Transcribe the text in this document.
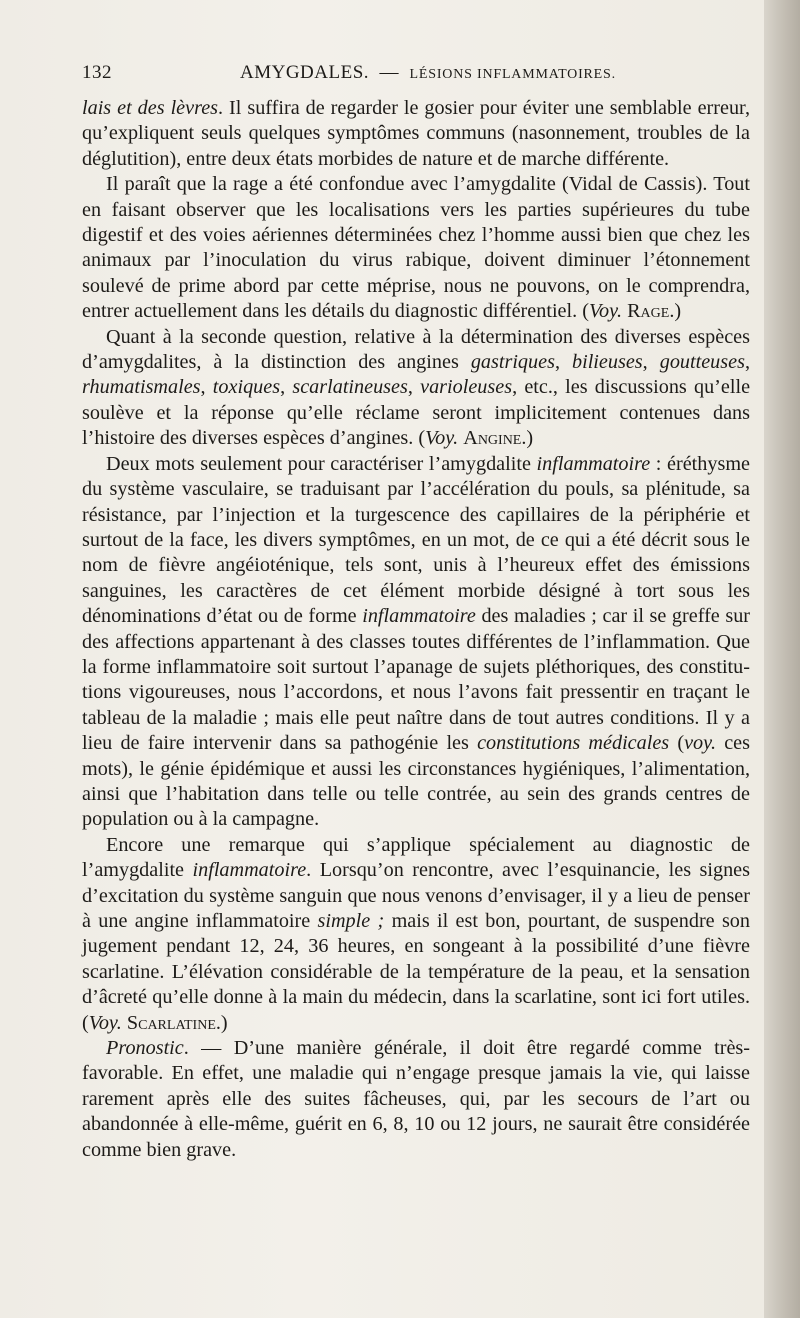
132	AMYGDALES. — LÉSIONS INFLAMMATOIRES.

lais et des lèvres. Il suffira de regarder le gosier pour éviter une semblable erreur, qu’expliquent seuls quelques symptômes communs (nasonnement, troubles de la déglutition), entre deux états morbides de nature et de marche différente.

Il paraît que la rage a été confondue avec l’amygdalite (Vidal de Cassis). Tout en faisant observer que les localisations vers les parties supérieures du tube digestif et des voies aériennes déterminées chez l’homme aussi bien que chez les animaux par l’inoculation du virus rabique, doivent diminuer l’étonnement soulevé de prime abord par cette méprise, nous ne pouvons, on le comprendra, entrer actuellement dans les détails du diagnostic différentiel. (Voy. Rage.)

Quant à la seconde question, relative à la détermination des diverses espèces d’amygdalites, à la distinction des angines gastriques, bilieuses, goutteuses, rhumatismales, toxiques, scarlatineuses, varioleuses, etc., les discussions qu’elle soulève et la réponse qu’elle réclame seront implicitement contenues dans l’histoire des diverses espèces d’angines. (Voy. Angine.)

Deux mots seulement pour caractériser l’amygdalite inflammatoire : éréthysme du système vasculaire, se traduisant par l’accélération du pouls, sa plénitude, sa résistance, par l’injection et la turgescence des capillaires de la périphérie et surtout de la face, les divers symptômes, en un mot, de ce qui a été décrit sous le nom de fièvre angéioténique, tels sont, unis à l’heureux effet des émissions sanguines, les caractères de cet élément morbide désigné à tort sous les dénominations d’état ou de forme inflammatoire des maladies ; car il se greffe sur des affections appartenant à des classes toutes différentes de l’inflammation. Que la forme inflammatoire soit surtout l’apanage de sujets pléthoriques, des constitutions vigoureuses, nous l’accordons, et nous l’avons fait pressentir en traçant le tableau de la maladie ; mais elle peut naître dans de tout autres conditions. Il y a lieu de faire intervenir dans sa pathogénie les constitutions médicales (voy. ces mots), le génie épidémique et aussi les circonstances hygiéniques, l’alimentation, ainsi que l’habitation dans telle ou telle contrée, au sein des grands centres de population ou à la campagne.

Encore une remarque qui s’applique spécialement au diagnostic de l’amygdalite inflammatoire. Lorsqu’on rencontre, avec l’esquinancie, les signes d’excitation du système sanguin que nous venons d’envisager, il y a lieu de penser à une angine inflammatoire simple ; mais il est bon, pourtant, de suspendre son jugement pendant 12, 24, 36 heures, en songeant à la possibilité d’une fièvre scarlatine. L’élévation considérable de la température de la peau, et la sensation d’âcreté qu’elle donne à la main du médecin, dans la scarlatine, sont ici fort utiles. (Voy. Scarlatine.)

Pronostic. — D’une manière générale, il doit être regardé comme très-favorable. En effet, une maladie qui n’engage presque jamais la vie, qui laisse rarement après elle des suites fâcheuses, qui, par les secours de l’art ou abandonnée à elle-même, guérit en 6, 8, 10 ou 12 jours, ne saurait être considérée comme bien grave.
